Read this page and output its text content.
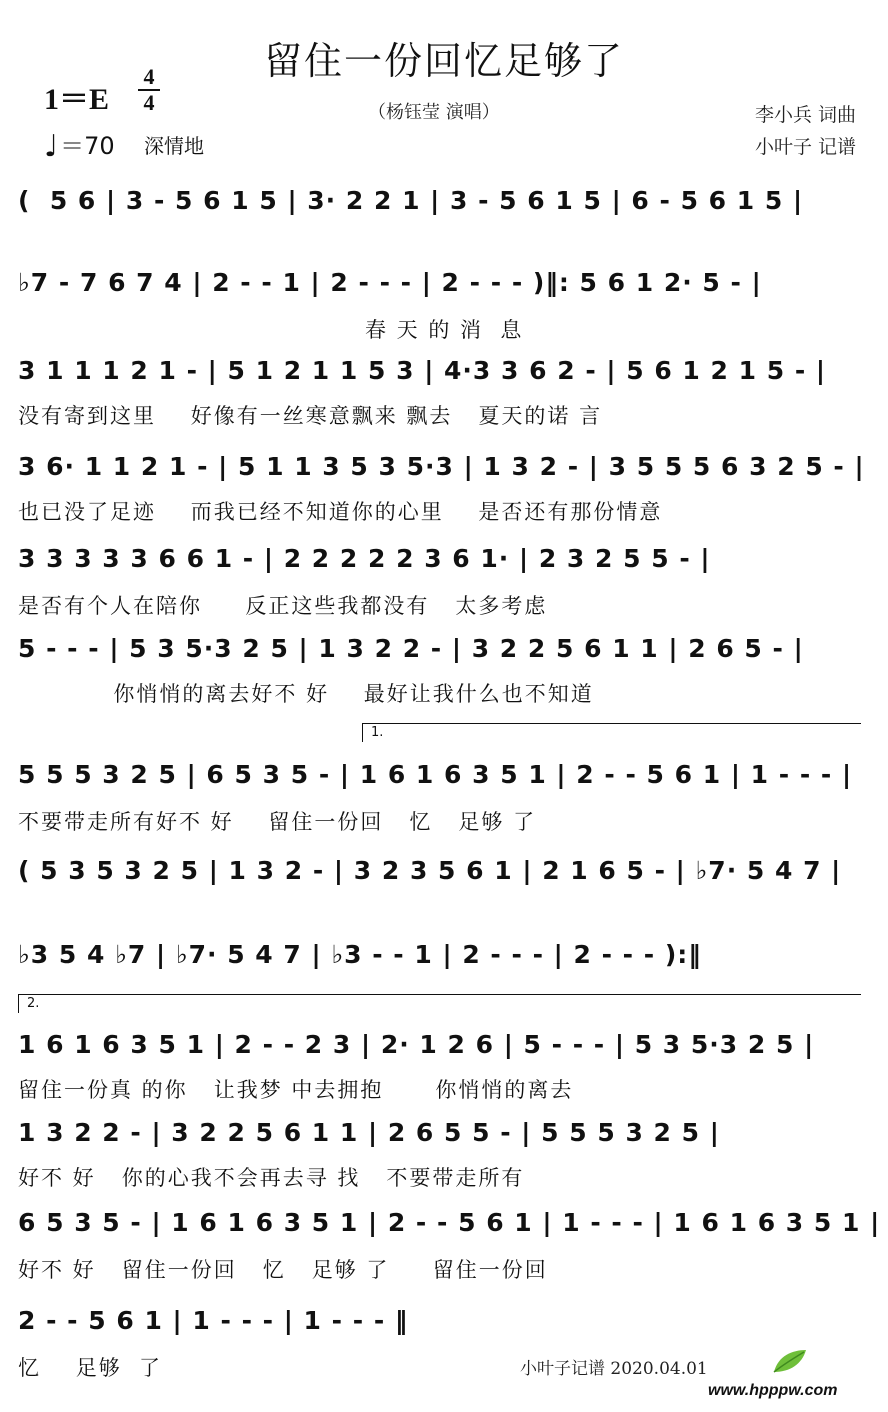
留住一份回忆足够了
（杨钰莹 演唱）	李小兵 词曲
小叶子 记谱
1＝E
4
4
♩＝70 深情地
(  5 6 | 3 - 5 6 1 5 | 3· 2 2 1 | 3 - 5 6 1 5 | 6 - 5 6 1 5 |
♭7 - 7 6 7 4 | 2 - - 1 | 2 - - - | 2 - - - )‖: 5 6 1 2· 5 - |
春 天 的 消  息
3 1 1 1 2 1 - | 5 1 2 1 1 5 3 | 4·3 3 6 2 - | 5 6 1 2 1 5 - |
没有寄到这里    好像有一丝寒意飘来 飘去   夏天的诺 言
3 6· 1 1 2 1 - | 5 1 1 3 5 3 5·3 | 1 3 2 - | 3 5 5 5 6 3 2 5 - |
也已没了足迹    而我已经不知道你的心里    是否还有那份情意
3 3 3 3 3 6 6 1 - | 2 2 2 2 2 3 6 1· | 2 3 2 5 5 - |
是否有个人在陪你     反正这些我都没有   太多考虑
5 - - - | 5 3 5·3 2 5 | 1 3 2 2 - | 3 2 2 5 6 1 1 | 2 6 5 - |
你悄悄的离去好不 好    最好让我什么也不知道
1.
5 5 5 3 2 5 | 6 5 3 5 - | 1 6 1 6 3 5 1 | 2 - - 5 6 1 | 1 - - - |
不要带走所有好不 好    留住一份回   忆   足够 了
( 5 3 5 3 2 5 | 1 3 2 - | 3 2 3 5 6 1 | 2 1 6 5 - | ♭7· 5 4 7 |
♭3 5 4 ♭7 | ♭7· 5 4 7 | ♭3 - - 1 | 2 - - - | 2 - - - ):‖
2.
1 6 1 6 3 5 1 | 2 - - 2 3 | 2· 1 2 6 | 5 - - - | 5 3 5·3 2 5 |
留住一份真 的你   让我梦 中去拥抱      你悄悄的离去
1 3 2 2 - | 3 2 2 5 6 1 1 | 2 6 5 5 - | 5 5 5 3 2 5 |
好不 好   你的心我不会再去寻 找   不要带走所有
6 5 3 5 - | 1 6 1 6 3 5 1 | 2 - - 5 6 1 | 1 - - - | 1 6 1 6 3 5 1 |
好不 好   留住一份回   忆   足够 了     留住一份回
2 - - 5 6 1 | 1 - - - | 1 - - - ‖
忆    足够  了	小叶子记谱 2020.04.01
www.hpppw.com
